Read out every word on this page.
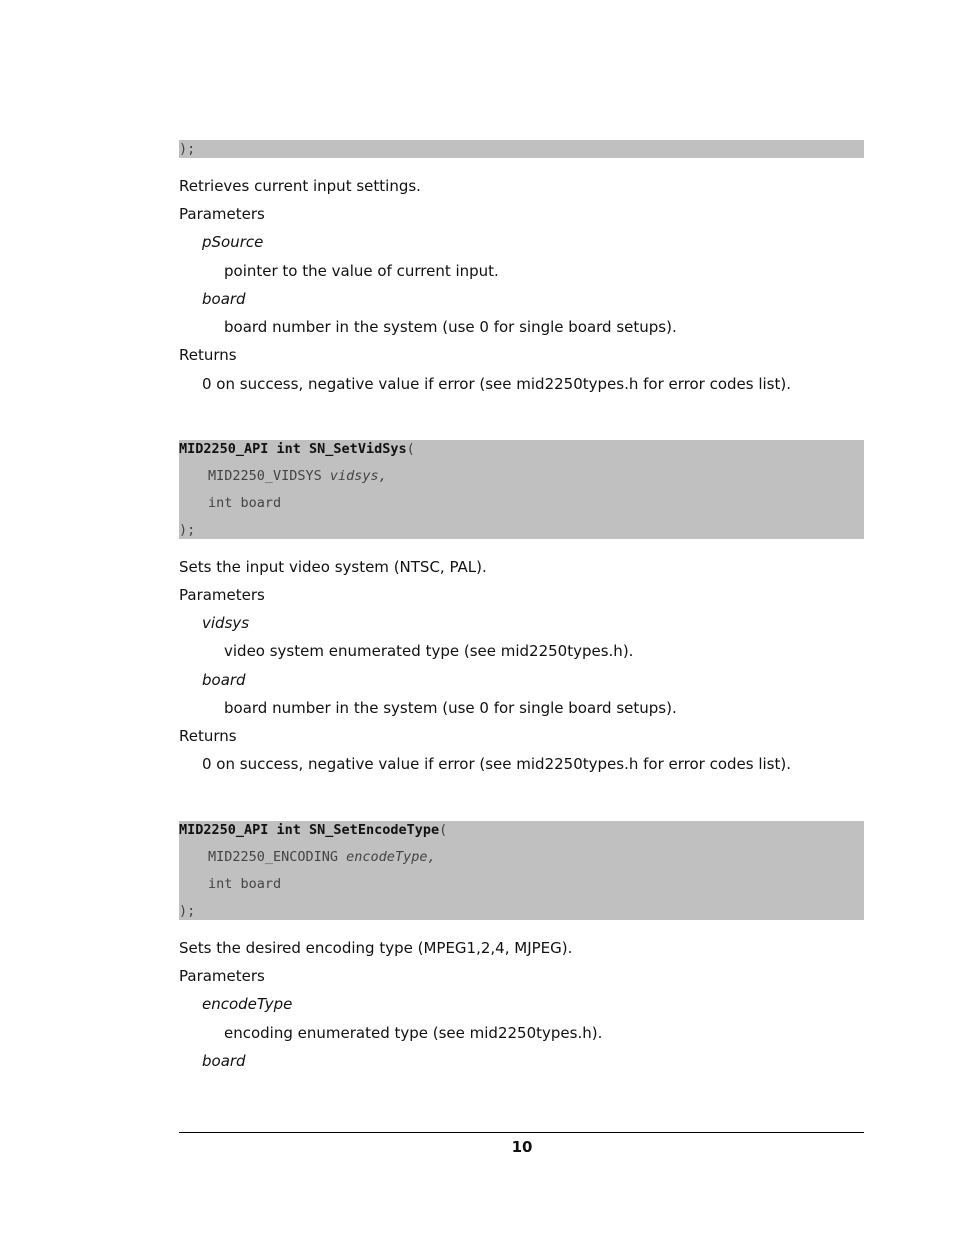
);
Retrieves current input settings.
Parameters
pSource
pointer to the value of current input.
board
board number in the system (use 0 for single board setups).
Returns
0 on success, negative value if error (see mid2250types.h for error codes list).
MID2250_API int SN_SetVidSys(
MID2250_VIDSYS vidsys,
int board
);
Sets the input video system (NTSC, PAL).
Parameters
vidsys
video system enumerated type (see mid2250types.h).
board
board number in the system (use 0 for single board setups).
Returns
0 on success, negative value if error (see mid2250types.h for error codes list).
MID2250_API int SN_SetEncodeType(
MID2250_ENCODING encodeType,
int board
);
Sets the desired encoding type (MPEG1,2,4, MJPEG).
Parameters
encodeType
encoding enumerated type (see mid2250types.h).
board
10
